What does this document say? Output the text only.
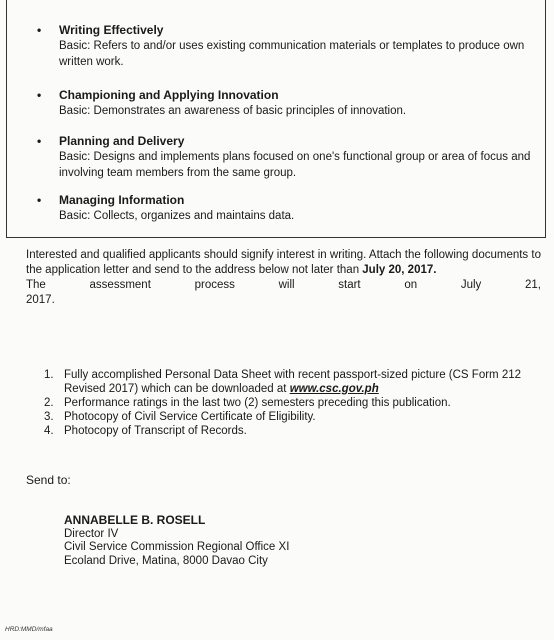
• Writing Effectively
Basic: Refers to and/or uses existing communication materials or templates to produce own written work.
• Championing and Applying Innovation
Basic: Demonstrates an awareness of basic principles of innovation.
• Planning and Delivery
Basic: Designs and implements plans focused on one's functional group or area of focus and involving team members from the same group.
• Managing Information
Basic: Collects, organizes and maintains data.
Interested and qualified applicants should signify interest in writing. Attach the following documents to the application letter and send to the address below not later than July 20, 2017.
The	assessment	process	will	start	on	July	21,
2017.
1. Fully accomplished Personal Data Sheet with recent passport-sized picture (CS Form 212 Revised 2017) which can be downloaded at www.csc.gov.ph
2. Performance ratings in the last two (2) semesters preceding this publication.
3. Photocopy of Civil Service Certificate of Eligibility.
4. Photocopy of Transcript of Records.
Send to:
ANNABELLE B. ROSELL
Director IV
Civil Service Commission Regional Office XI
Ecoland Drive, Matina, 8000 Davao City
HRD:MMD/mfaa
